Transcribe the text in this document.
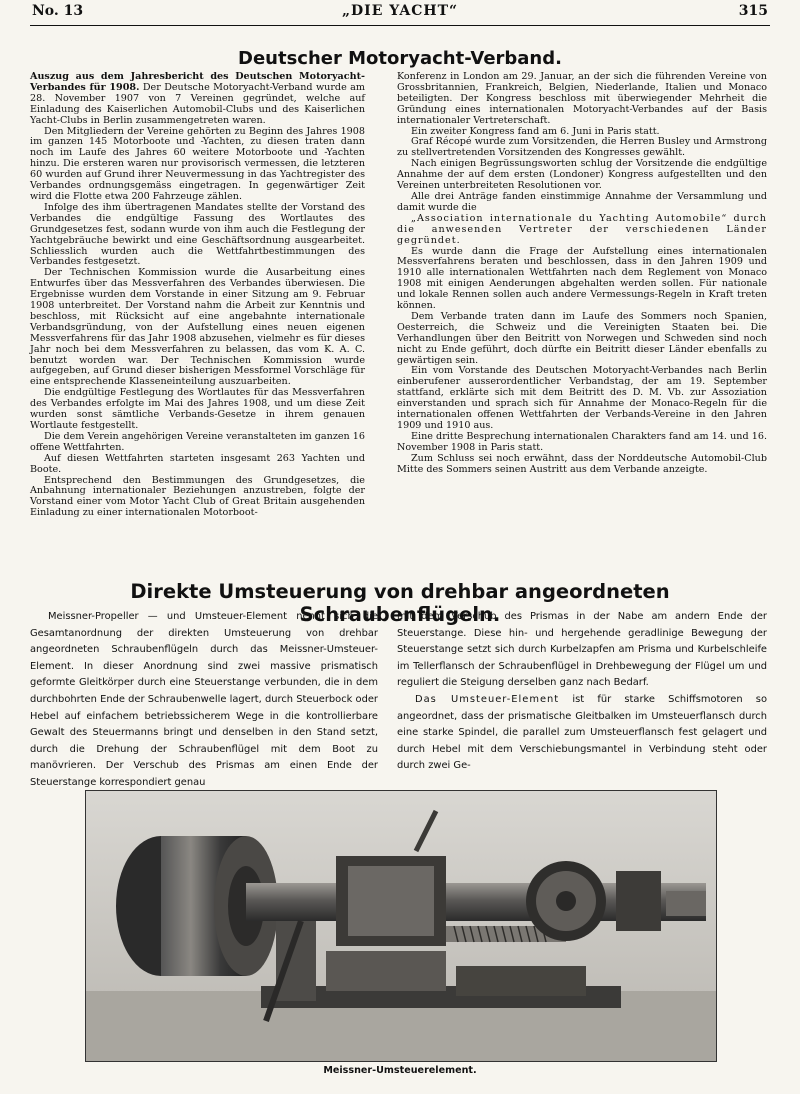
No. 13	„DIE YACHT“	315
Deutscher Motoryacht-Verband.

Auszug aus dem Jahresbericht des Deutschen Motoryacht-Verbandes für 1908. Der Deutsche Motoryacht-Verband wurde am 28. November 1907 von 7 Vereinen gegründet, welche auf Einladung des Kaiserlichen Automobil-Clubs und des Kaiserlichen Yacht-Clubs in Berlin zusammengetreten waren.

Den Mitgliedern der Vereine gehörten zu Beginn des Jahres 1908 im ganzen 145 Motorboote und -Yachten, zu diesen traten dann noch im Laufe des Jahres 60 weitere Motorboote und -Yachten hinzu. Die ersteren waren nur provisorisch vermessen, die letzteren 60 wurden auf Grund ihrer Neuvermessung in das Yachtregister des Verbandes ordnungsgemäss eingetragen. In gegenwärtiger Zeit wird die Flotte etwa 200 Fahrzeuge zählen.

Infolge des ihm übertragenen Mandates stellte der Vorstand des Verbandes die endgültige Fassung des Wortlautes des Grundgesetzes fest, sodann wurde von ihm auch die Festlegung der Yachtgebräuche bewirkt und eine Geschäftsordnung ausgearbeitet. Schliesslich wurden auch die Wettfahrtbestimmungen des Verbandes festgesetzt.

Der Technischen Kommission wurde die Ausarbeitung eines Entwurfes über das Messverfahren des Verbandes überwiesen. Die Ergebnisse wurden dem Vorstande in einer Sitzung am 9. Februar 1908 unterbreitet. Der Vorstand nahm die Arbeit zur Kenntnis und beschloss, mit Rücksicht auf eine angebahnte internationale Verbandsgründung, von der Aufstellung eines neuen eigenen Messverfahrens für das Jahr 1908 abzusehen, vielmehr es für dieses Jahr noch bei dem Messverfahren zu belassen, das vom K. A. C. benutzt worden war. Der Technischen Kommission wurde aufgegeben, auf Grund dieser bisherigen Messformel Vorschläge für eine entsprechende Klasseneinteilung auszuarbeiten.

Die endgültige Festlegung des Wortlautes für das Messverfahren des Verbandes erfolgte im Mai des Jahres 1908, und um diese Zeit wurden sonst sämtliche Verbands-Gesetze in ihrem genauen Wortlaute festgestellt.

Die dem Verein angehörigen Vereine veranstalteten im ganzen 16 offene Wettfahrten.

Auf diesen Wettfahrten starteten insgesamt 263 Yachten und Boote.

Entsprechend den Bestimmungen des Grundgesetzes, die Anbahnung internationaler Beziehungen anzustreben, folgte der Vorstand einer vom Motor Yacht Club of Great Britain ausgehenden Einladung zu einer internationalen Motorboot-

Konferenz in London am 29. Januar, an der sich die führenden Vereine von Grossbritannien, Frankreich, Belgien, Niederlande, Italien und Monaco beteiligten. Der Kongress beschloss mit überwiegender Mehrheit die Gründung eines internationalen Motoryacht-Verbandes auf der Basis internationaler Vertreterschaft.

Ein zweiter Kongress fand am 6. Juni in Paris statt.

Graf Récopé wurde zum Vorsitzenden, die Herren Busley und Armstrong zu stellvertretenden Vorsitzenden des Kongresses gewählt.

Nach einigen Begrüssungsworten schlug der Vorsitzende die endgültige Annahme der auf dem ersten (Londoner) Kongress aufgestellten und den Vereinen unterbreiteten Resolutionen vor.

Alle drei Anträge fanden einstimmige Annahme der Versammlung und damit wurde die

„Association internationale du Yachting Automobile“ durch die anwesenden Vertreter der verschiedenen Länder gegründet.

Es wurde dann die Frage der Aufstellung eines internationalen Messverfahrens beraten und beschlossen, dass in den Jahren 1909 und 1910 alle internationalen Wettfahrten nach dem Reglement von Monaco 1908 mit einigen Aenderungen abgehalten werden sollen. Für nationale und lokale Rennen sollen auch andere Vermessungs-Regeln in Kraft treten können.

Dem Verbande traten dann im Laufe des Sommers noch Spanien, Oesterreich, die Schweiz und die Vereinigten Staaten bei. Die Verhandlungen über den Beitritt von Norwegen und Schweden sind noch nicht zu Ende geführt, doch dürfte ein Beitritt dieser Länder ebenfalls zu gewärtigen sein.

Ein vom Vorstande des Deutschen Motoryacht-Verbandes nach Berlin einberufener ausserordentlicher Verbandstag, der am 19. September stattfand, erklärte sich mit dem Beitritt des D. M. Vb. zur Assoziation einverstanden und sprach sich für Annahme der Monaco-Regeln für die internationalen offenen Wettfahrten der Verbands-Vereine in den Jahren 1909 und 1910 aus.

Eine dritte Besprechung internationalen Charakters fand am 14. und 16. November 1908 in Paris statt.

Zum Schluss sei noch erwähnt, dass der Norddeutsche Automobil-Club Mitte des Sommers seinen Austritt aus dem Verbande anzeigte.

Direkte Umsteuerung von drehbar angeordneten Schraubenflügeln.

Meissner-Propeller — und Umsteuer-Element nennt sich die Gesamtanordnung der direkten Umsteuerung von drehbar angeordneten Schraubenflügeln durch das Meissner-Umsteuer-Element. In dieser Anordnung sind zwei massive prismatisch geformte Gleitkörper durch eine Steuerstange verbunden, die in dem durchbohrten Ende der Schraubenwelle lagert, durch Steuerbock oder Hebel auf einfachem betriebssicherem Wege in die kontrollierbare Gewalt des Steuermanns bringt und denselben in den Stand setzt, durch die Drehung der Schraubenflügel mit dem Boot zu manövrieren. Der Verschub des Prismas am einen Ende der Steuerstange korrespondiert genau

mit dem Verschub des Prismas in der Nabe am andern Ende der Steuerstange. Diese hin- und hergehende geradlinige Bewegung der Steuerstange setzt sich durch Kurbelzapfen am Prisma und Kurbelschleife im Tellerflansch der Schraubenflügel in Drehbewegung der Flügel um und reguliert die Steigung derselben ganz nach Bedarf.

Das Umsteuer-Element ist für starke Schiffsmotoren so angeordnet, dass der prismatische Gleitbalken im Umsteuerflansch durch eine starke Spindel, die parallel zum Umsteuerflansch fest gelagert und durch Hebel mit dem Verschiebungsmantel in Verbindung steht oder durch zwei Ge-

Meissner-Umsteuerelement.
